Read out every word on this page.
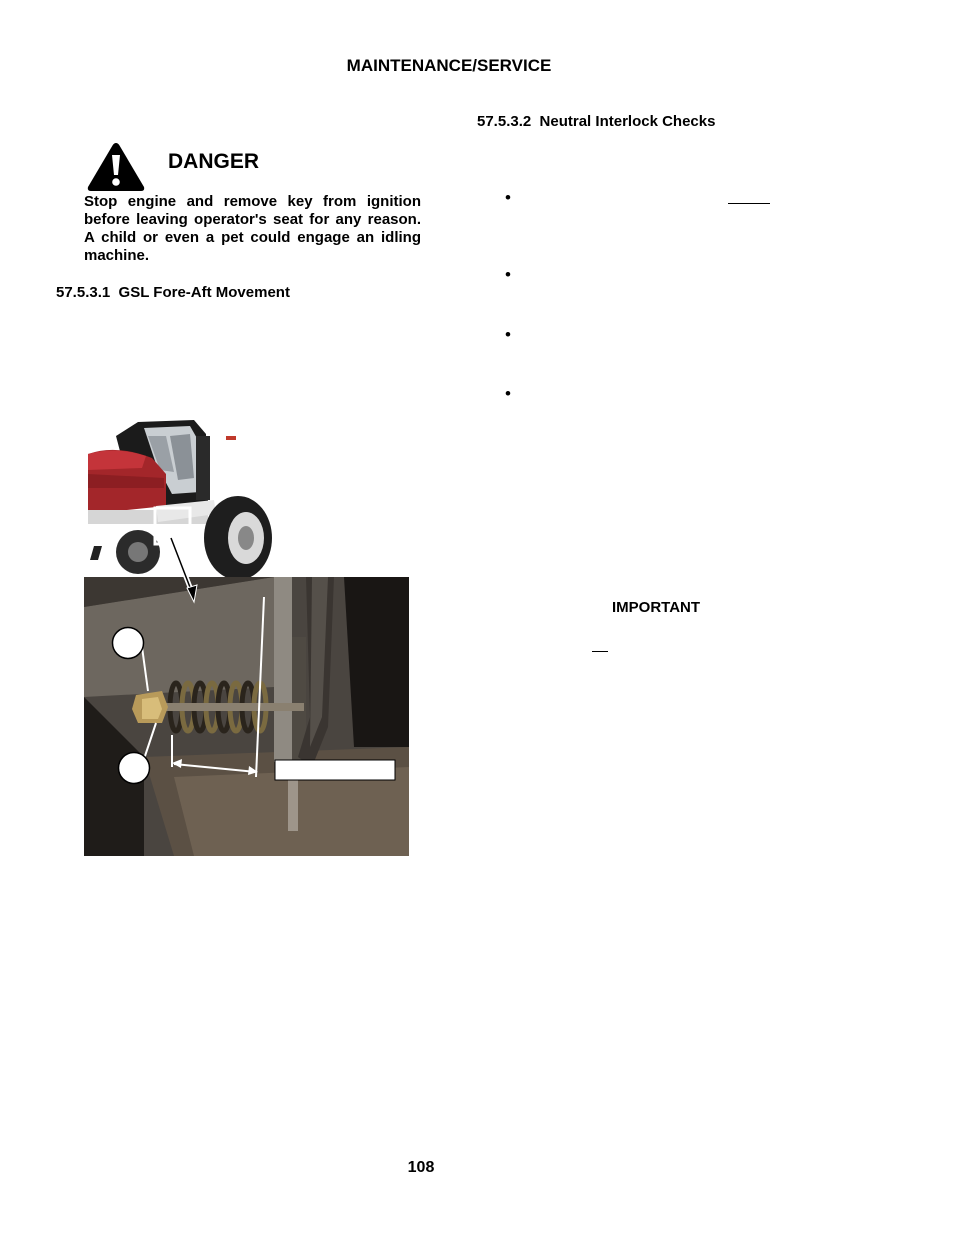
MAINTENANCE/SERVICE
57.5.3.2  Neutral Interlock Checks
DANGER
Stop engine and remove key from ignition before leaving operator's seat for any reason. A child or even a pet could engage an idling machine.
57.5.3.1  GSL Fore-Aft Movement
•
•
•
•
IMPORTANT
108
